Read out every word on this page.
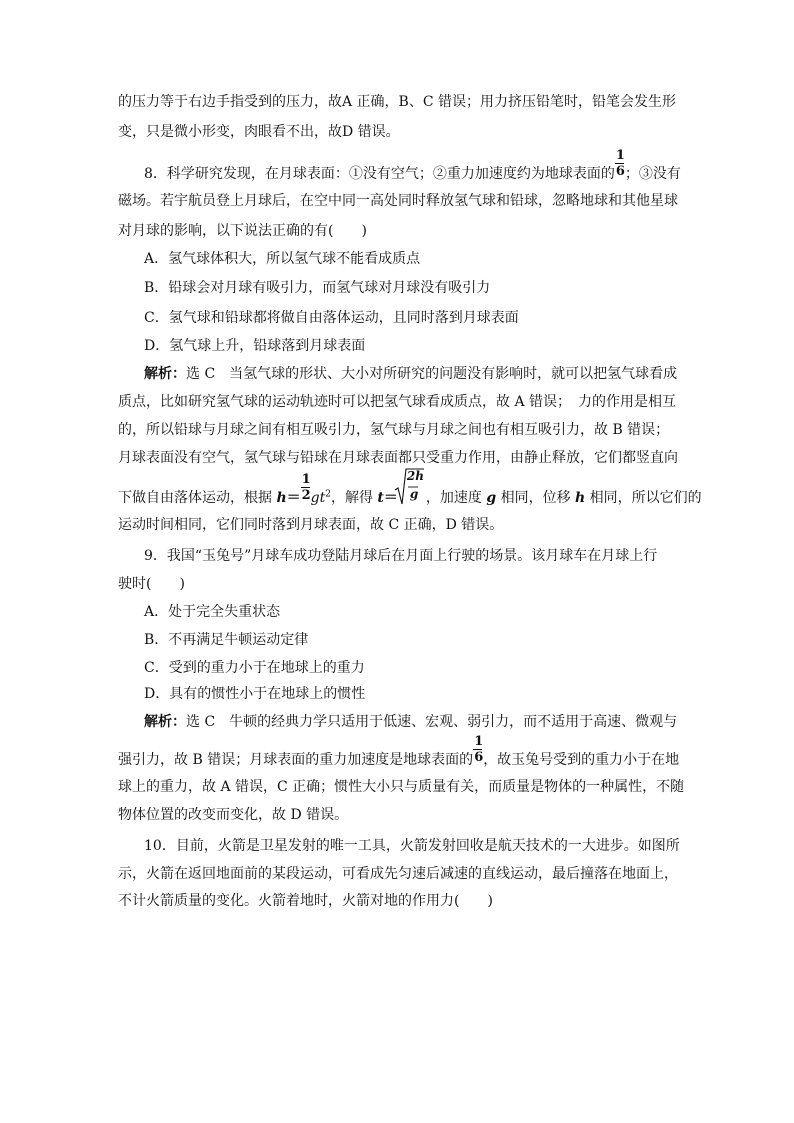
的压力等于右边手指受到的压力，故A 正确，B、C 错误；用力挤压铅笔时，铅笔会发生形
变，只是微小形变，肉眼看不出，故D 错误。
8．科学研究发现，在月球表面：①没有空气；②重力加速度约为地球表面的 $\frac{1}{6}$ ；③没有
磁场。若宇航员登上月球后，在空中同一高处同时释放氢气球和铅球，忽略地球和其他星球
对月球的影响，以下说法正确的有(　　)
A．氢气球体积大，所以氢气球不能看成质点
B．铅球会对月球有吸引力，而氢气球对月球没有吸引力
C．氢气球和铅球都将做自由落体运动，且同时落到月球表面
D．氢气球上升，铅球落到月球表面
解析：选 C　当氢气球的形状、大小对所研究的问题没有影响时，就可以把氢气球看成
质点，比如研究氢气球的运动轨迹时可以把氢气球看成质点，故 A 错误；　力的作用是相互
的，所以铅球与月球之间有相互吸引力，氢气球与月球之间也有相互吸引力，故 B 错误；
月球表面没有空气，氢气球与铅球在月球表面都只受重力作用，由静止释放，它们都竖直向
下做自由落体运动，根据 $h= \frac{1}{2} gt^2$，解得 t＝
2h
g ，加速度 g 相同，位移 h 相同，所以它们的
运动时间相同，它们同时落到月球表面，故 C 正确，D 错误。
9．我国“玉兔号”月球车成功登陆月球后在月面上行驶的场景。该月球车在月球上行
驶时(　　)
A．处于完全失重状态
B．不再满足牛顿运动定律
C．受到的重力小于在地球上的重力
D．具有的惯性小于在地球上的惯性
解析：选 C　牛顿的经典力学只适用于低速、宏观、弱引力，而不适用于高速、微观与
强引力，故 B 错误；月球表面的重力加速度是地球表面的 $\frac{1}{6}$ ，故玉兔号受到的重力小于在地
球上的重力，故 A 错误，C 正确；惯性大小只与质量有关，而质量是物体的一种属性，不随
物体位置的改变而变化，故 D 错误。
10．目前，火箭是卫星发射的唯一工具，火箭发射回收是航天技术的一大进步。如图所
示，火箭在返回地面前的某段运动，可看成先匀速后减速的直线运动，最后撞落在地面上，
不计火箭质量的变化。火箭着地时，火箭对地的作用力(　　)
